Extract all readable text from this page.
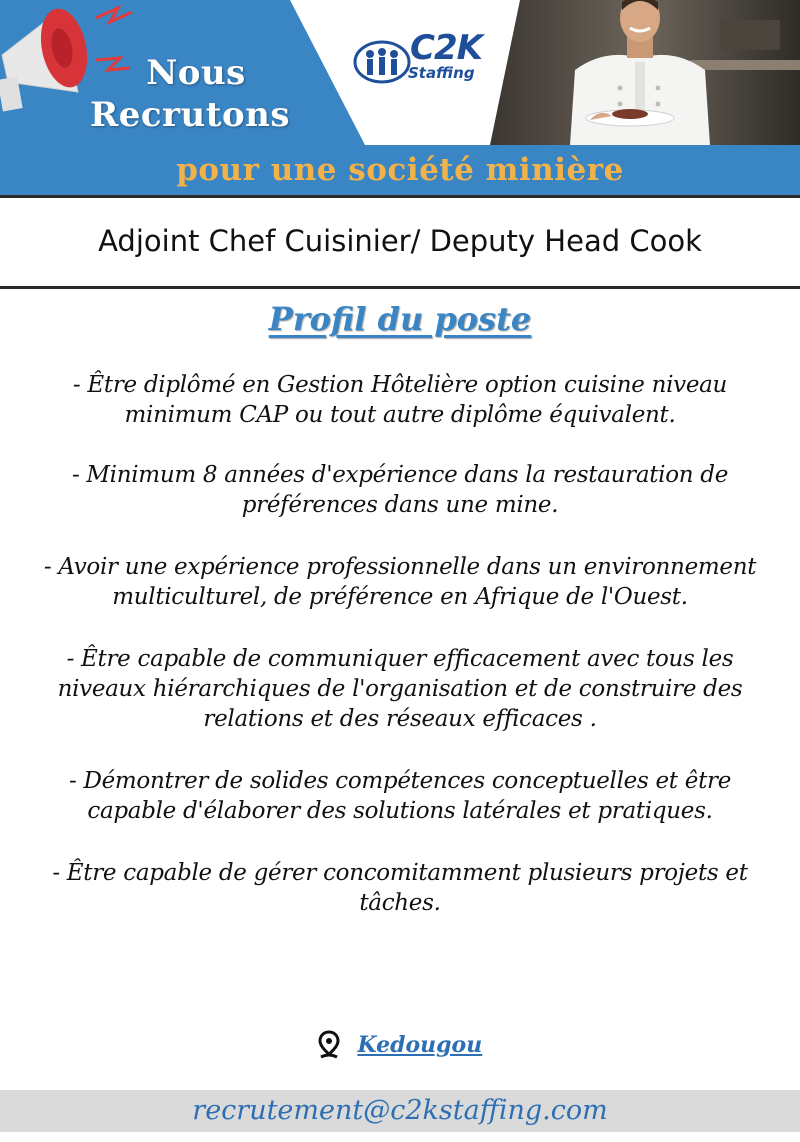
Nous
Recrutons
C2K
Staffing
pour une société minière
Adjoint Chef Cuisinier/ Deputy Head Cook
Profil du poste
- Être diplômé en Gestion Hôtelière option cuisine niveau
minimum CAP ou tout autre diplôme équivalent.
- Minimum 8 années d'expérience dans la restauration de
préférences dans une mine.
- Avoir une expérience professionnelle dans un environnement
multiculturel, de préférence en Afrique de l'Ouest.
- Être capable de communiquer efficacement avec tous les
niveaux hiérarchiques de l'organisation et de construire des
relations et des réseaux efficaces .
- Démontrer de solides compétences conceptuelles et être
capable d'élaborer des solutions latérales et pratiques.
- Être capable de gérer concomitamment plusieurs projets et
tâches.
Kedougou
recrutement@c2kstaffing.com
